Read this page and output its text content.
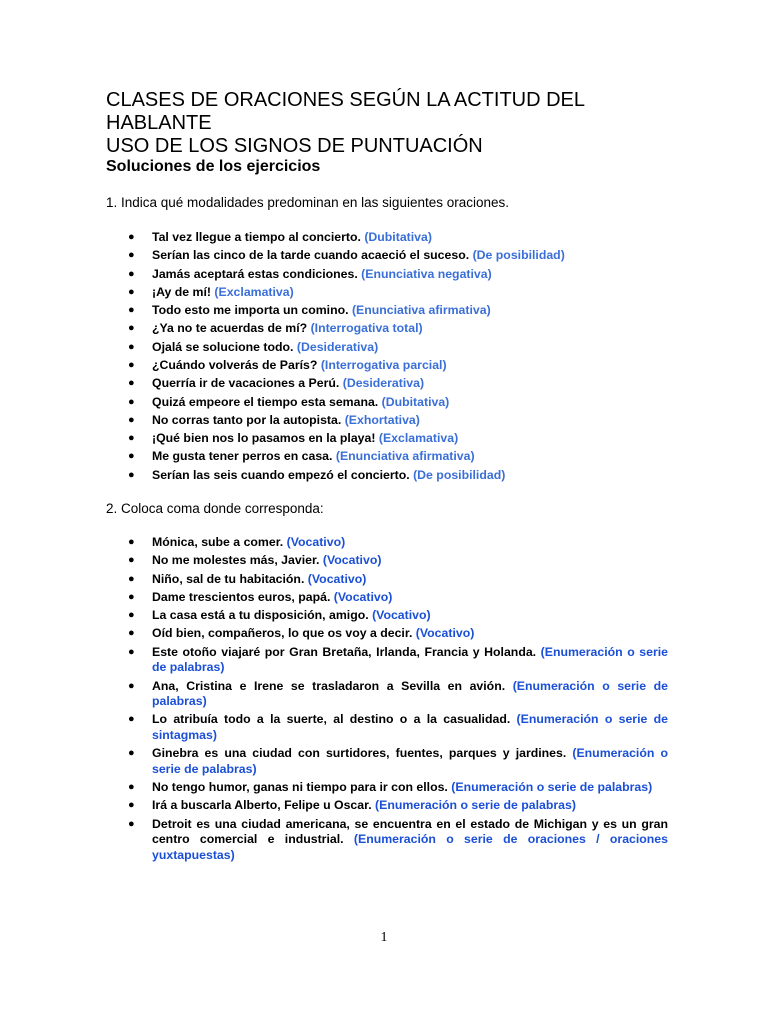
CLASES DE ORACIONES SEGÚN LA ACTITUD DEL
HABLANTE
USO DE LOS SIGNOS DE PUNTUACIÓN
Soluciones de los ejercicios

1. Indica qué modalidades predominan en las siguientes oraciones.

● Tal vez llegue a tiempo al concierto. (Dubitativa)
● Serían las cinco de la tarde cuando acaeció el suceso. (De posibilidad)
● Jamás aceptará estas condiciones. (Enunciativa negativa)
● ¡Ay de mí! (Exclamativa)
● Todo esto me importa un comino. (Enunciativa afirmativa)
● ¿Ya no te acuerdas de mí? (Interrogativa total)
● Ojalá se solucione todo. (Desiderativa)
● ¿Cuándo volverás de París? (Interrogativa parcial)
● Querría ir de vacaciones a Perú. (Desiderativa)
● Quizá empeore el tiempo esta semana. (Dubitativa)
● No corras tanto por la autopista. (Exhortativa)
● ¡Qué bien nos lo pasamos en la playa! (Exclamativa)
● Me gusta tener perros en casa. (Enunciativa afirmativa)
● Serían las seis cuando empezó el concierto. (De posibilidad)

2. Coloca coma donde corresponda:

● Mónica, sube a comer. (Vocativo)
● No me molestes más, Javier. (Vocativo)
● Niño, sal de tu habitación. (Vocativo)
● Dame trescientos euros, papá. (Vocativo)
● La casa está a tu disposición, amigo. (Vocativo)
● Oíd bien, compañeros, lo que os voy a decir. (Vocativo)
● Este otoño viajaré por Gran Bretaña, Irlanda, Francia y Holanda. (Enumeración o serie de palabras)
● Ana, Cristina e Irene se trasladaron a Sevilla en avión. (Enumeración o serie de palabras)
● Lo atribuía todo a la suerte, al destino o a la casualidad. (Enumeración o serie de sintagmas)
● Ginebra es una ciudad con surtidores, fuentes, parques y jardines. (Enumeración o serie de palabras)
● No tengo humor, ganas ni tiempo para ir con ellos. (Enumeración o serie de palabras)
● Irá a buscarla Alberto, Felipe u Oscar. (Enumeración o serie de palabras)
● Detroit es una ciudad americana, se encuentra en el estado de Michigan y es un gran centro comercial e industrial. (Enumeración o serie de oraciones / oraciones yuxtapuestas)
1
